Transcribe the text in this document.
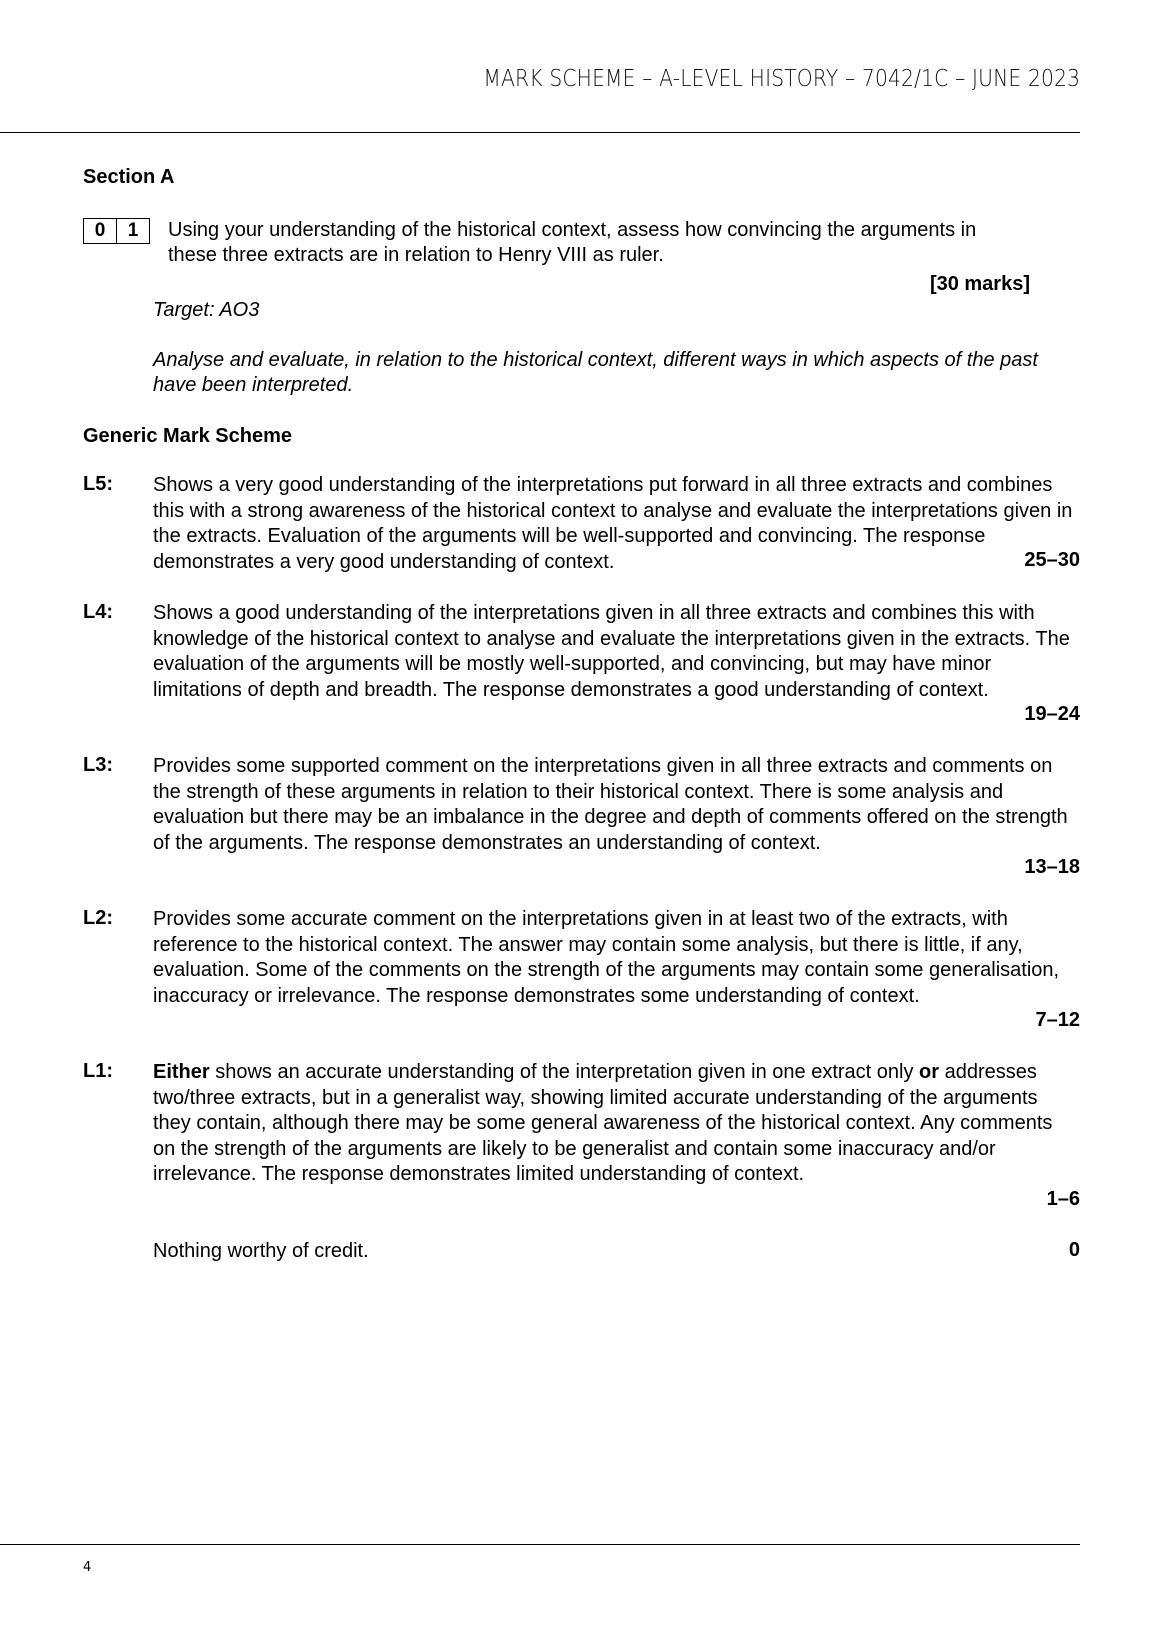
MARK SCHEME – A-LEVEL HISTORY – 7042/1C – JUNE 2023
Section A
0	1	Using your understanding of the historical context, assess how convincing the arguments in these three extracts are in relation to Henry VIII as ruler.
[30 marks]
Target: AO3
Analyse and evaluate, in relation to the historical context, different ways in which aspects of the past have been interpreted.
Generic Mark Scheme
L5: Shows a very good understanding of the interpretations put forward in all three extracts and combines this with a strong awareness of the historical context to analyse and evaluate the interpretations given in the extracts. Evaluation of the arguments will be well-supported and convincing. The response demonstrates a very good understanding of context.	25–30
L4: Shows a good understanding of the interpretations given in all three extracts and combines this with knowledge of the historical context to analyse and evaluate the interpretations given in the extracts. The evaluation of the arguments will be mostly well-supported, and convincing, but may have minor limitations of depth and breadth. The response demonstrates a good understanding of context.
19–24
L3: Provides some supported comment on the interpretations given in all three extracts and comments on the strength of these arguments in relation to their historical context. There is some analysis and evaluation but there may be an imbalance in the degree and depth of comments offered on the strength of the arguments. The response demonstrates an understanding of context.
13–18
L2: Provides some accurate comment on the interpretations given in at least two of the extracts, with reference to the historical context. The answer may contain some analysis, but there is little, if any, evaluation. Some of the comments on the strength of the arguments may contain some generalisation, inaccuracy or irrelevance. The response demonstrates some understanding of context.
7–12
L1: Either shows an accurate understanding of the interpretation given in one extract only or addresses two/three extracts, but in a generalist way, showing limited accurate understanding of the arguments they contain, although there may be some general awareness of the historical context. Any comments on the strength of the arguments are likely to be generalist and contain some inaccuracy and/or irrelevance. The response demonstrates limited understanding of context.
1–6
Nothing worthy of credit.	0
4
